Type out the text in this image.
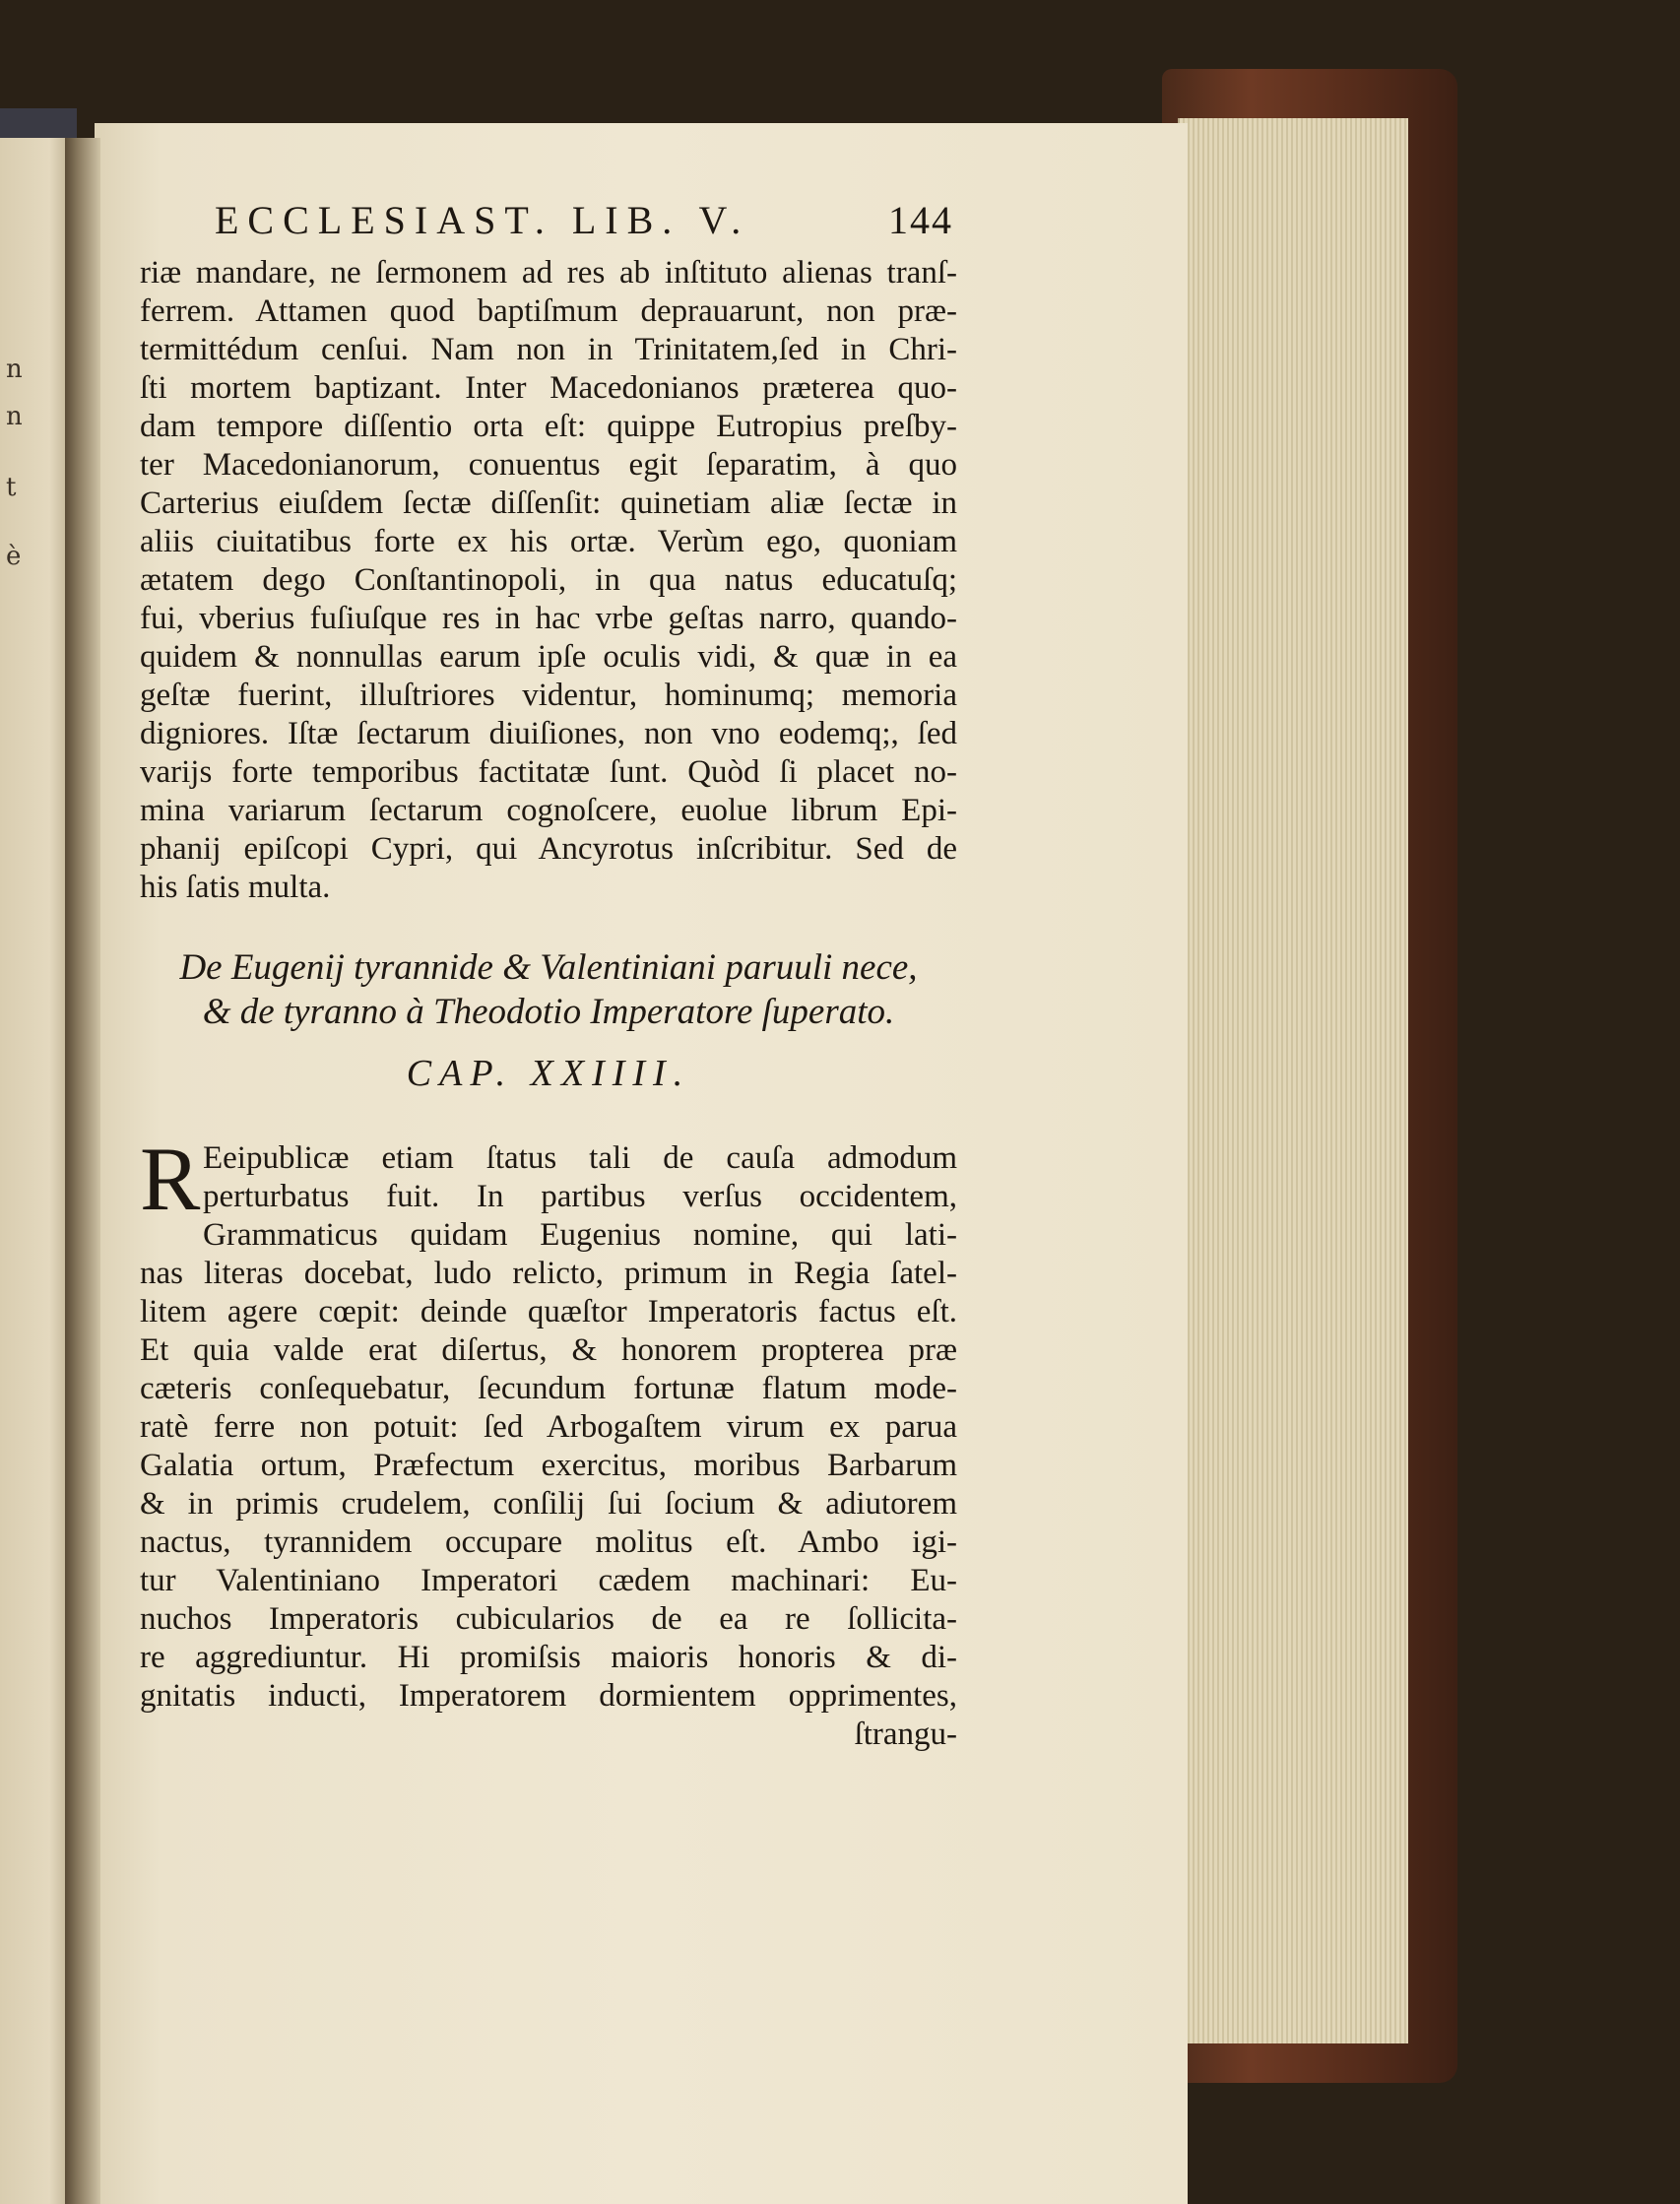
n
n
t
è
ECCLESIAST. LIB. V.	144
riæ mandare, ne ſermonem ad res ab inſtituto alienas tranſ-
ferrem. Attamen quod baptiſmum deprauarunt, non præ-
termittédum cenſui. Nam non in Trinitatem,ſed in Chri-
ſti mortem baptizant. Inter Macedonianos præterea quo-
dam tempore diſſentio orta eſt: quippe Eutropius preſby-
ter Macedonianorum, conuentus egit ſeparatim, à quo
Carterius eiuſdem ſectæ diſſenſit: quinetiam aliæ ſectæ in
aliis ciuitatibus forte ex his ortæ. Verùm ego, quoniam
ætatem dego Conſtantinopoli, in qua natus educatuſq;
fui, vberius fuſiuſque res in hac vrbe geſtas narro, quando-
quidem & nonnullas earum ipſe oculis vidi, & quæ in ea
geſtæ fuerint, illuſtriores videntur, hominumq; memoria
digniores. Iſtæ ſectarum diuiſiones, non vno eodemq;, ſed
varijs forte temporibus factitatæ ſunt. Quòd ſi placet no-
mina variarum ſectarum cognoſcere, euolue librum Epi-
phanij epiſcopi Cypri, qui Ancyrotus inſcribitur. Sed de
his ſatis multa.
De Eugenij tyrannide & Valentiniani paruuli nece,
& de tyranno à Theodotio Imperatore ſuperato.
CAP. XXIIII.
R Eeipublicæ etiam ſtatus tali de cauſa admodum
perturbatus fuit. In partibus verſus occidentem,
Grammaticus quidam Eugenius nomine, qui lati-
nas literas docebat, ludo relicto, primum in Regia ſatel-
litem agere cœpit: deinde quæſtor Imperatoris factus eſt.
Et quia valde erat diſertus, & honorem propterea præ
cæteris conſequebatur, ſecundum fortunæ flatum mode-
ratè ferre non potuit: ſed Arbogaſtem virum ex parua
Galatia ortum, Præfectum exercitus, moribus Barbarum
& in primis crudelem, conſilij ſui ſocium & adiutorem
nactus, tyrannidem occupare molitus eſt. Ambo igi-
tur Valentiniano Imperatori cædem machinari: Eu-
nuchos Imperatoris cubicularios de ea re ſollicita-
re aggrediuntur. Hi promiſsis maioris honoris & di-
gnitatis inducti, Imperatorem dormientem opprimentes,
ſtrangu-
